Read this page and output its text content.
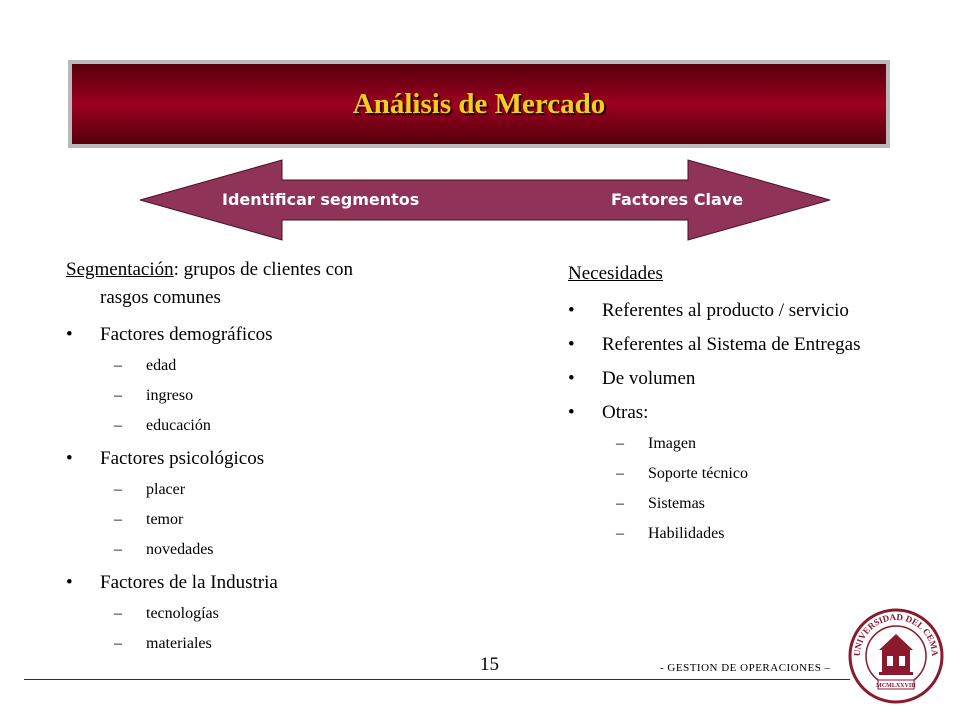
Análisis de Mercado
Identificar segmentos	Factores Clave

Segmentación: grupos de clientes con

rasgos comunes

•	Factores demográficos
–	edad
–	ingreso
–	educación
•	Factores psicológicos
–	placer
–	temor
–	novedades
•	Factores de la Industria
–	tecnologías
–	materiales
Necesidades
•	Referentes al producto / servicio
•	Referentes al Sistema de Entregas
•	De volumen
•	Otras:
–	Imagen
–	Soporte técnico
–	Sistemas
–	Habilidades
15	- GESTION DE OPERACIONES –
UNIVERSIDAD DEL CEMA
MCMLXXVIII
